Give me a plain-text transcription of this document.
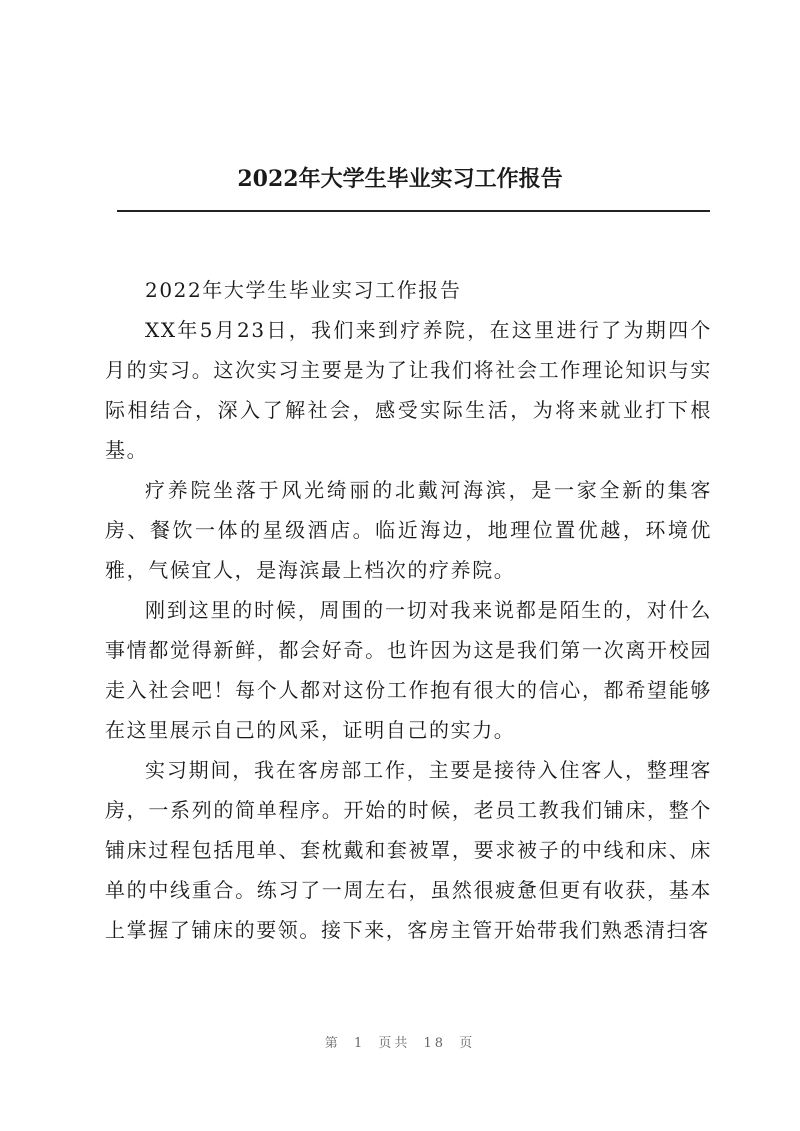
2022年大学生毕业实习工作报告

2022年大学生毕业实习工作报告

XX年5月23日，我们来到疗养院，在这里进行了为期四个月的实习。这次实习主要是为了让我们将社会工作理论知识与实际相结合，深入了解社会，感受实际生活，为将来就业打下根基。

疗养院坐落于风光绮丽的北戴河海滨，是一家全新的集客房、餐饮一体的星级酒店。临近海边，地理位置优越，环境优雅，气候宜人，是海滨最上档次的疗养院。

刚到这里的时候，周围的一切对我来说都是陌生的，对什么事情都觉得新鲜，都会好奇。也许因为这是我们第一次离开校园走入社会吧！每个人都对这份工作抱有很大的信心，都希望能够在这里展示自己的风采，证明自己的实力。

实习期间，我在客房部工作，主要是接待入住客人，整理客房，一系列的简单程序。开始的时候，老员工教我们铺床，整个铺床过程包括甩单、套枕戴和套被罩，要求被子的中线和床、床单的中线重合。练习了一周左右，虽然很疲惫但更有收获，基本上掌握了铺床的要领。接下来，客房主管开始带我们熟悉清扫客

第 1 页共 18 页
